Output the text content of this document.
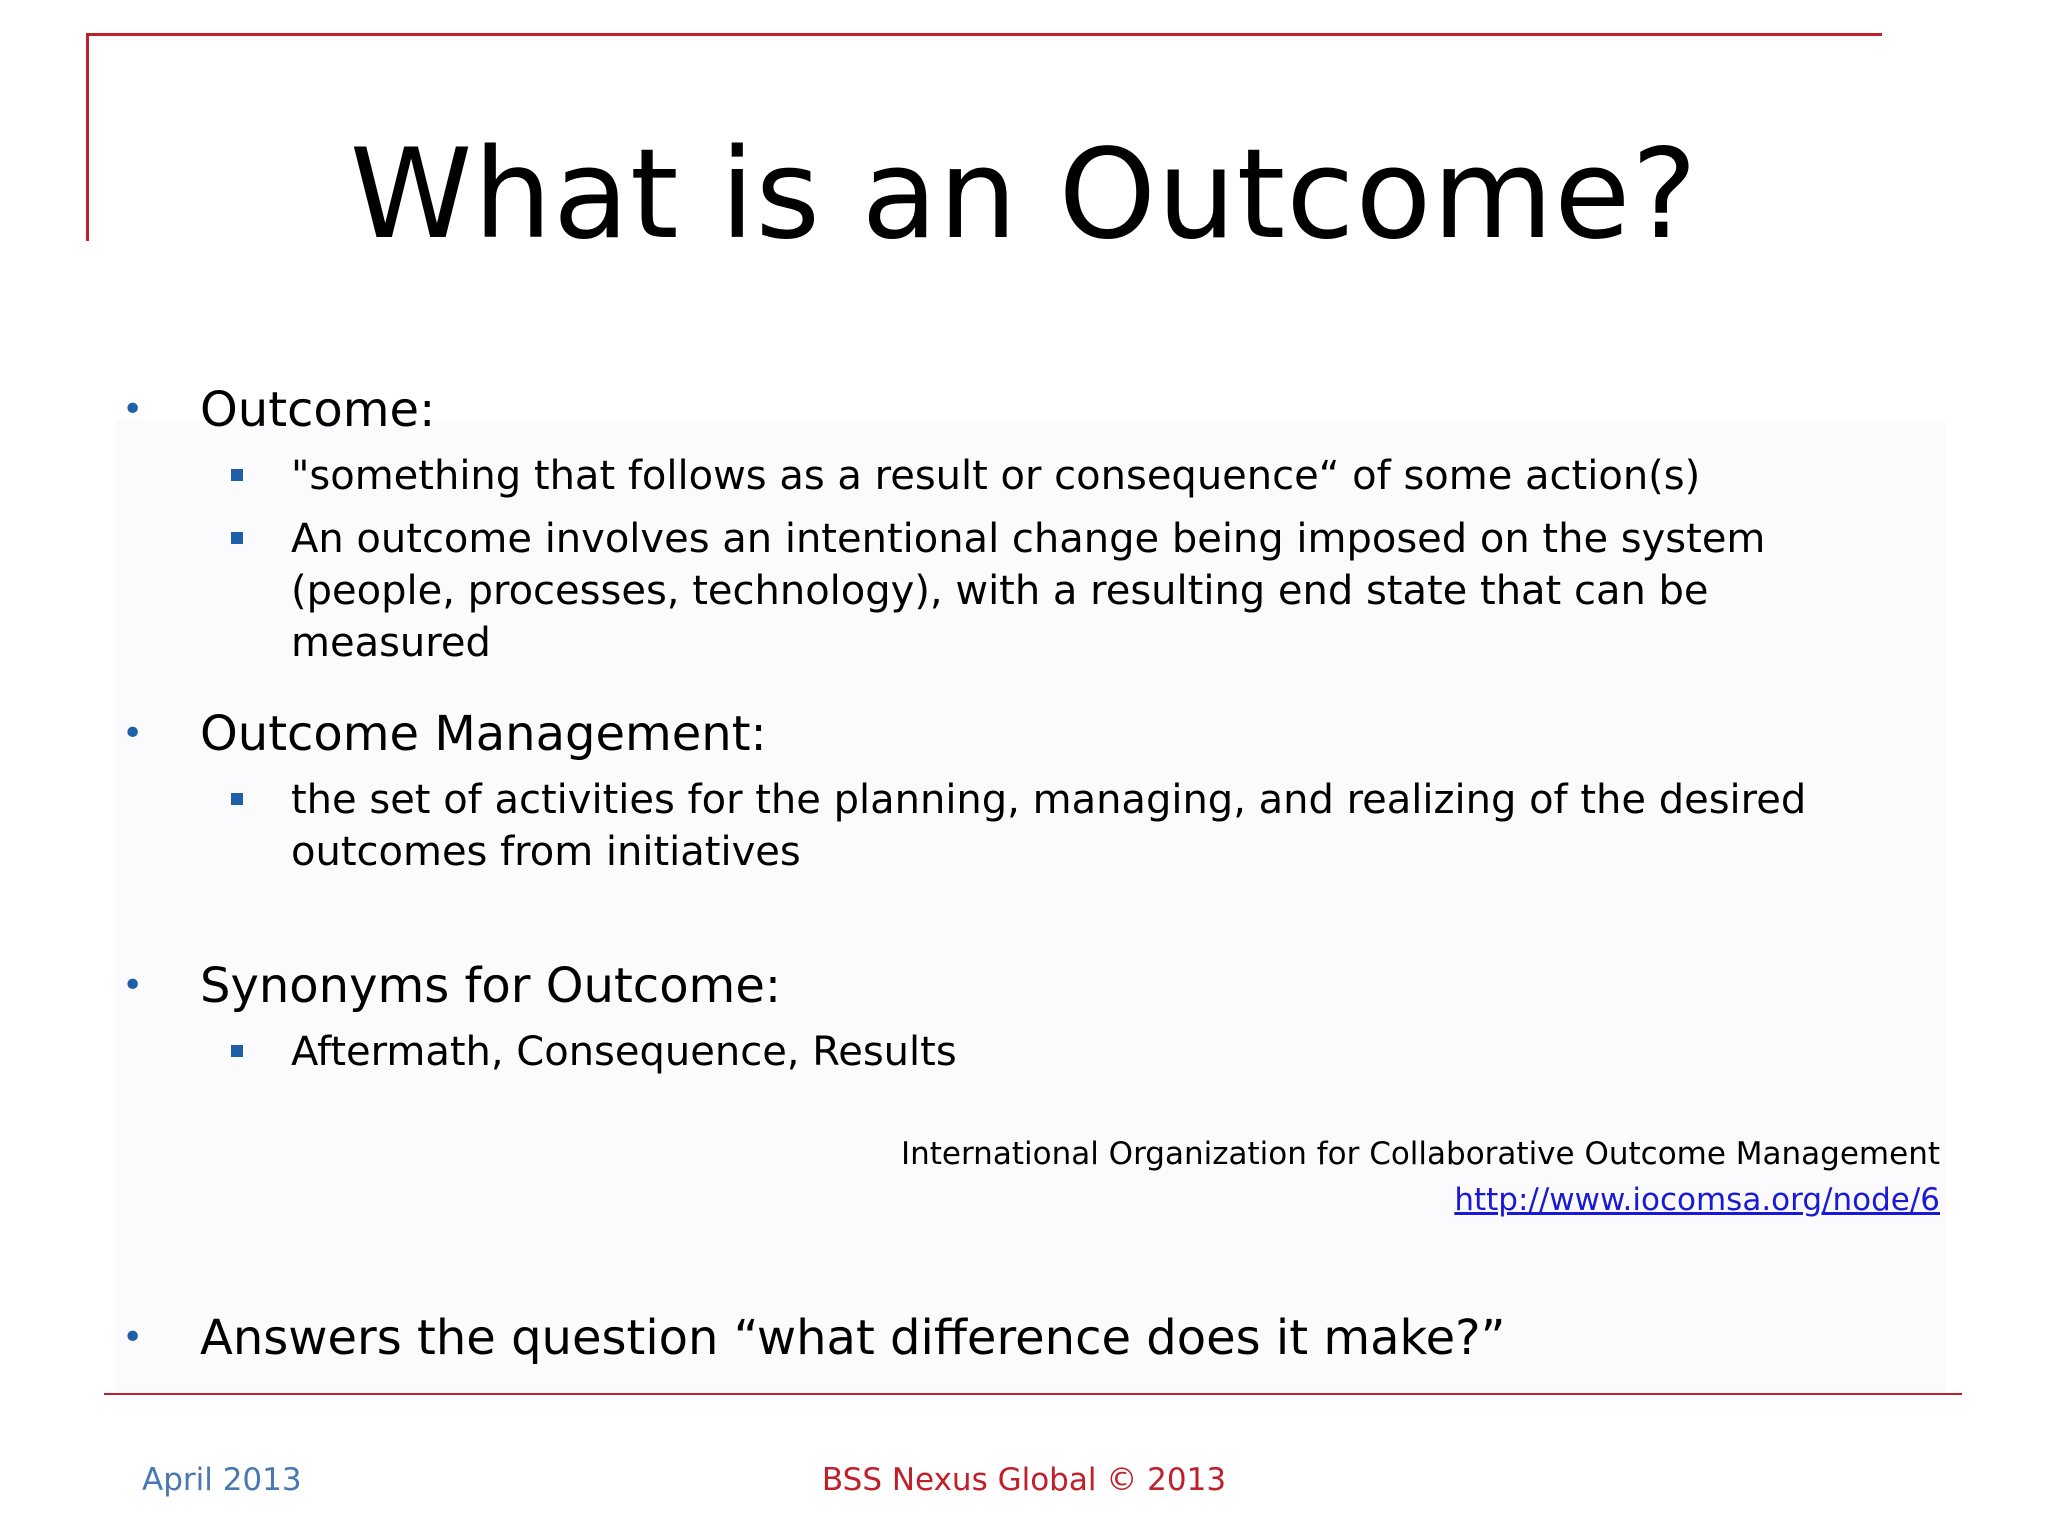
What is an Outcome?
• Outcome:
"something that follows as a result or consequence“ of some action(s)
An outcome involves an intentional change being imposed on the system (people, processes, technology), with a resulting end state that can be measured
• Outcome Management:
the set of activities for the planning, managing, and realizing of the desired outcomes from initiatives
• Synonyms for Outcome:
Aftermath, Consequence, Results
International Organization for Collaborative Outcome Management
http://www.iocomsa.org/node/6
• Answers the question “what difference does it make?”
April 2013	BSS Nexus Global © 2013
